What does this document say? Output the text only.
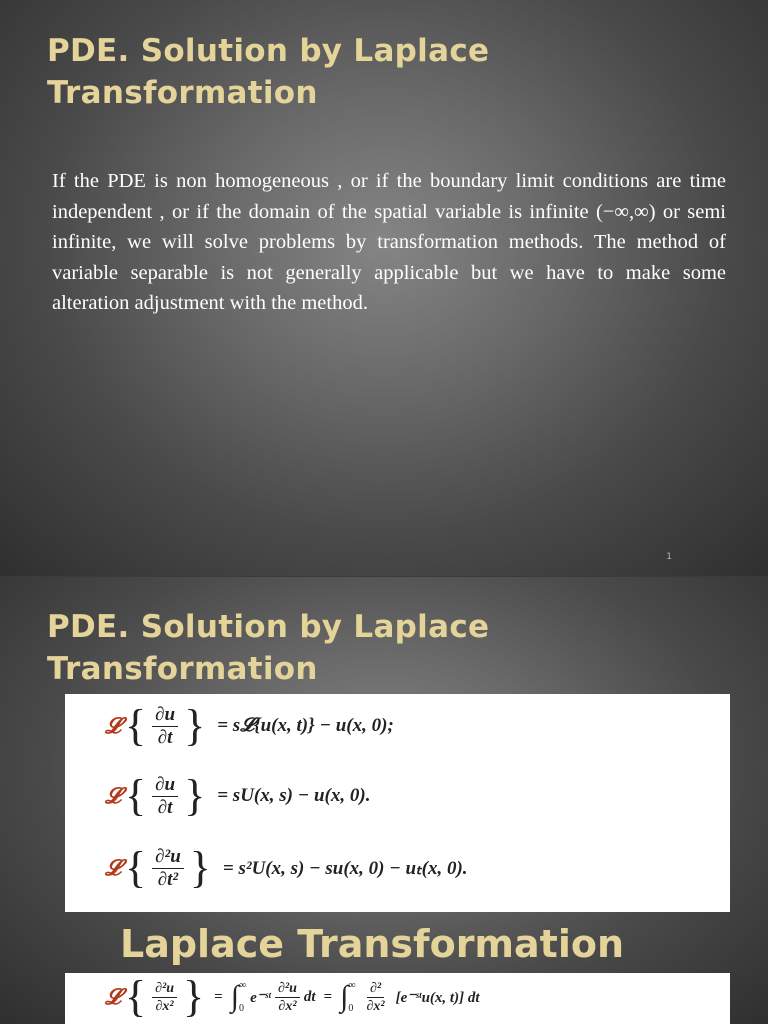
PDE. Solution by Laplace
Transformation

If the PDE is non homogeneous , or if the boundary limit conditions are time independent , or if the domain of the spatial variable is infinite (−∞,∞) or semi infinite, we will solve problems by transformation methods. The method of variable separable is not generally applicable but we have to make some alteration adjustment with the method.

1
PDE. Solution by Laplace
Transformation
𝓛 { $\frac{\partial u}{\partial t}$ } = s𝓛{u(x, t)} − u(x, 0);
𝓛 { $\frac{\partial u}{\partial t}$ } = sU(x, s) − u(x, 0).
𝓛 { $\frac{\text{∂²u}}{\text{∂t²}}$ } = s²U(x, s) − su(x, 0) − uₜ(x, 0).
Laplace Transformation
𝓛 { $\frac{\text{∂²u}}{\text{∂x²}}$ } = ∫ ∞
0
e⁻ˢᵗ $\frac{\text{∂²u}}{\text{∂x²}}$ dt = ∫ ∞
$0 \frac{\text{∂²}}{\text{∂x²}}$ [e⁻ˢᵗu(x, t)] dt
